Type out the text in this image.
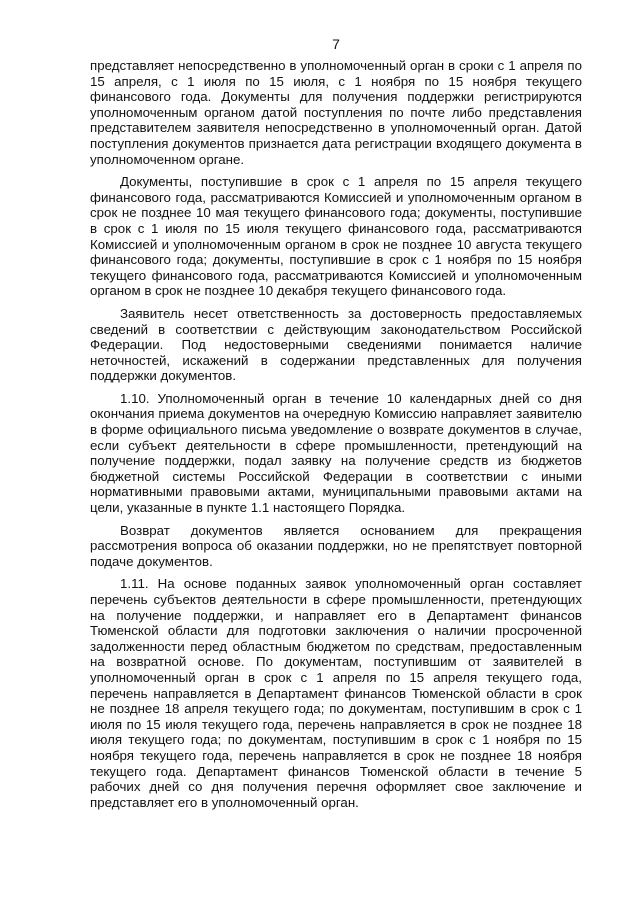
7

представляет непосредственно в уполномоченный орган в сроки с 1 апреля по 15 апреля, с 1 июля по 15 июля, с 1 ноября по 15 ноября текущего финансового года. Документы для получения поддержки регистрируются уполномоченным органом датой поступления по почте либо представления представителем заявителя непосредственно в уполномоченный орган. Датой поступления документов признается дата регистрации входящего документа в уполномоченном органе.

Документы, поступившие в срок с 1 апреля по 15 апреля текущего финансового года, рассматриваются Комиссией и уполномоченным органом в срок не позднее 10 мая текущего финансового года; документы, поступившие в срок с 1 июля по 15 июля текущего финансового года, рассматриваются Комиссией и уполномоченным органом в срок не позднее 10 августа текущего финансового года; документы, поступившие в срок с 1 ноября по 15 ноября текущего финансового года, рассматриваются Комиссией и уполномоченным органом в срок не позднее 10 декабря текущего финансового года.

Заявитель несет ответственность за достоверность предоставляемых сведений в соответствии с действующим законодательством Российской Федерации. Под недостоверными сведениями понимается наличие неточностей, искажений в содержании представленных для получения поддержки документов.

1.10. Уполномоченный орган в течение 10 календарных дней со дня окончания приема документов на очередную Комиссию направляет заявителю в форме официального письма уведомление о возврате документов в случае, если субъект деятельности в сфере промышленности, претендующий на получение поддержки, подал заявку на получение средств из бюджетов бюджетной системы Российской Федерации в соответствии с иными нормативными правовыми актами, муниципальными правовыми актами на цели, указанные в пункте 1.1 настоящего Порядка.

Возврат документов является основанием для прекращения рассмотрения вопроса об оказании поддержки, но не препятствует повторной подаче документов.

1.11. На основе поданных заявок уполномоченный орган составляет перечень субъектов деятельности в сфере промышленности, претендующих на получение поддержки, и направляет его в Департамент финансов Тюменской области для подготовки заключения о наличии просроченной задолженности перед областным бюджетом по средствам, предоставленным на возвратной основе. По документам, поступившим от заявителей в уполномоченный орган в срок с 1 апреля по 15 апреля текущего года, перечень направляется в Департамент финансов Тюменской области в срок не позднее 18 апреля текущего года; по документам, поступившим в срок с 1 июля по 15 июля текущего года, перечень направляется в срок не позднее 18 июля текущего года; по документам, поступившим в срок с 1 ноября по 15 ноября текущего года, перечень направляется в срок не позднее 18 ноября текущего года. Департамент финансов Тюменской области в течение 5 рабочих дней со дня получения перечня оформляет свое заключение и представляет его в уполномоченный орган.
